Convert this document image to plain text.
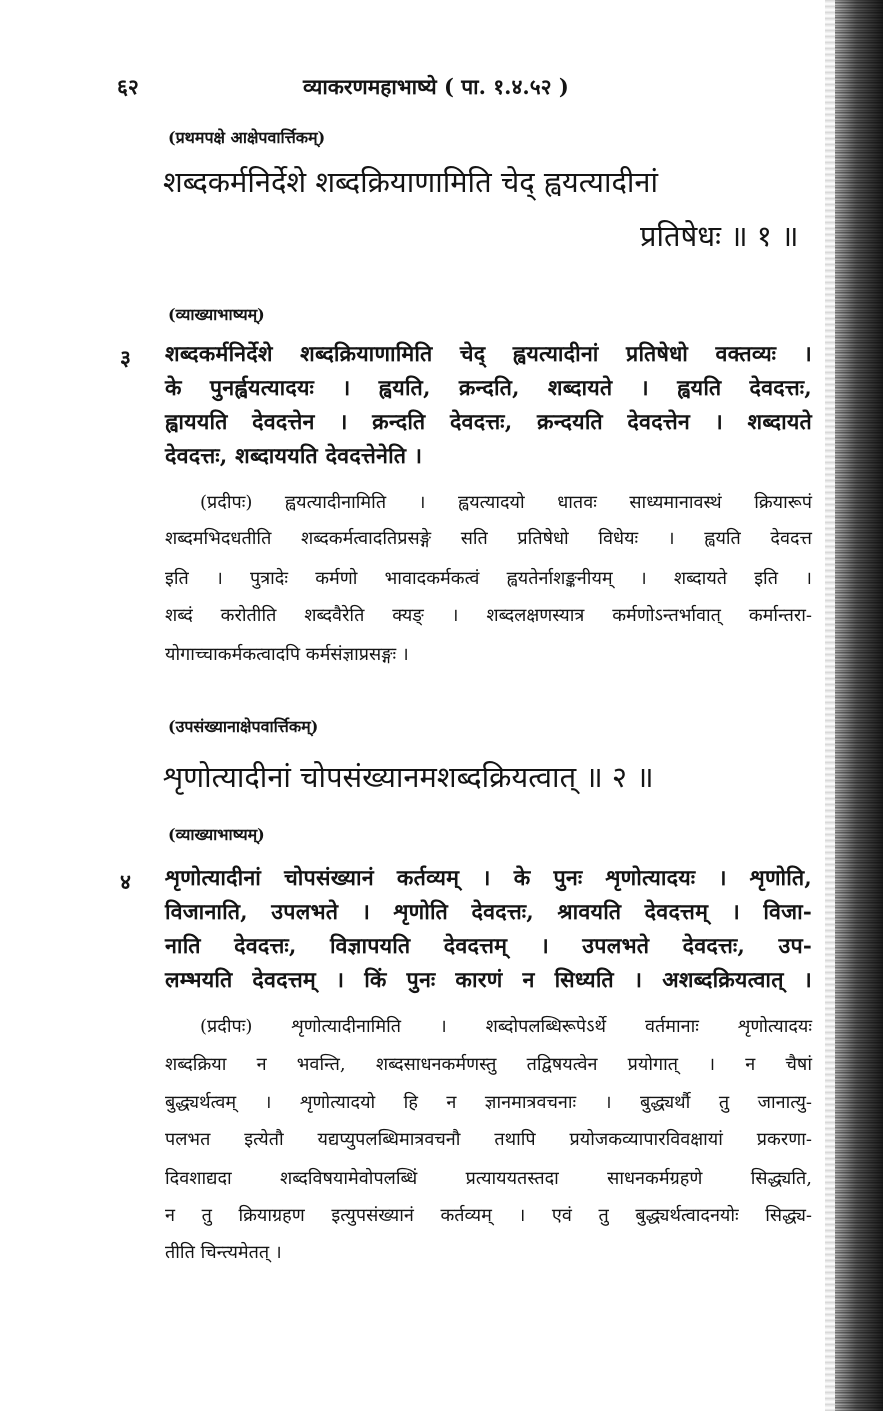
६२	व्याकरणमहाभाष्ये ( पा. १.४.५२ )
(प्रथमपक्षे आक्षेपवार्त्तिकम्)
शब्दकर्मनिर्देशे शब्दक्रियाणामिति चेद् ह्वयत्यादीनां
प्रतिषेधः ॥ १ ॥
(व्याख्याभाष्यम्)
३ शब्दकर्मनिर्देशे शब्दक्रियाणामिति चेद् ह्वयत्यादीनां प्रतिषेधो वक्तव्यः ।
के पुनर्ह्वयत्यादयः । ह्वयति, क्रन्दति, शब्दायते । ह्वयति देवदत्तः,
ह्वाययति देवदत्तेन । क्रन्दति देवदत्तः, क्रन्दयति देवदत्तेन । शब्दायते
देवदत्तः, शब्दाययति देवदत्तेनेति ।
(प्रदीपः) ह्वयत्यादीनामिति । ह्वयत्यादयो धातवः साध्यमानावस्थं क्रियारूपं
शब्दमभिदधतीति शब्दकर्मत्वादतिप्रसङ्गे सति प्रतिषेधो विधेयः । ह्वयति देवदत्त
इति । पुत्रादेः कर्मणो भावादकर्मकत्वं ह्वयतेर्नाशङ्कनीयम् । शब्दायते इति ।
शब्दं करोतीति शब्दवैरेति क्यङ् । शब्दलक्षणस्यात्र कर्मणोऽन्तर्भावात् कर्मान्तरा-
योगाच्चाकर्मकत्वादपि कर्मसंज्ञाप्रसङ्गः ।
(उपसंख्यानाक्षेपवार्त्तिकम्)
शृणोत्यादीनां चोपसंख्यानमशब्दक्रियत्वात् ॥ २ ॥
(व्याख्याभाष्यम्)
४ शृणोत्यादीनां चोपसंख्यानं कर्तव्यम् । के पुनः शृणोत्यादयः । शृणोति,
विजानाति, उपलभते । शृणोति देवदत्तः, श्रावयति देवदत्तम् । विजा-
नाति देवदत्तः, विज्ञापयति देवदत्तम् । उपलभते देवदत्तः, उप-
लम्भयति देवदत्तम् । किं पुनः कारणं न सिध्यति । अशब्दक्रियत्वात् ।
(प्रदीपः) शृणोत्यादीनामिति । शब्दोपलब्धिरूपेऽर्थे वर्तमानाः शृणोत्यादयः
शब्दक्रिया न भवन्ति, शब्दसाधनकर्मणस्तु तद्विषयत्वेन प्रयोगात् । न चैषां
बुद्ध्यर्थत्वम् । शृणोत्यादयो हि न ज्ञानमात्रवचनाः । बुद्ध्यर्थौ तु जानात्यु-
पलभत इत्येतौ यद्यप्युपलब्धिमात्रवचनौ तथापि प्रयोजकव्यापारविवक्षायां प्रकरणा-
दिवशाद्यदा शब्दविषयामेवोपलब्धिं प्रत्याययतस्तदा साधनकर्मग्रहणे सिद्ध्यति,
न तु क्रियाग्रहण इत्युपसंख्यानं कर्तव्यम् । एवं तु बुद्ध्यर्थत्वादनयोः सिद्ध्य-
तीति चिन्त्यमेतत् ।
